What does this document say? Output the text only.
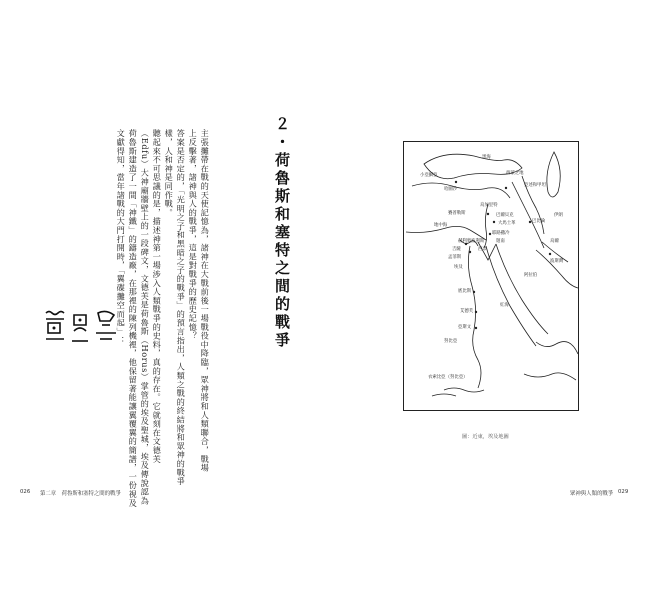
主張攤帶在戰的天使記憶為，諸神在大戰前後一場戰役中降臨，眾神將和人類聯合，戰場
上反擊著，諸神與人的戰爭，這是對戰爭的歷史記憶？
答案是否定的，「光明之子和黑暗之子的戰爭」的預言指出，人類之戰的終結將和眾神的戰爭
樣，人和神是同作戰。
聽起來不可思議的是，描述神第一場涉入人類戰爭的史料，真的存在。它就刻在文德芙
（Edfu）大神廟牆壁上的一段碑文，文德芙是荷魯斯（Horus）掌管的埃及聖城，埃及傳說認為
荷魯斯建造了一間「神鐵」的鑄造廠，在那裡的陳列機裡，他保留著能讓翼覆翼的簡譜，一份視及
文獻得知，當年諸戰的大門打開時，「翼碟攤空而起」：	２・荷魯斯和塞特之間的戰爭	黑海
小亞細亞
哈圖沙
西蒙之地
亞述和甲坦
賽普勒斯
烏加里特
巴爾貝克
大馬士革	巴比倫
地中海
耶路撒冷
迦南	烏爾
赫利奧波利斯
吉薩	西奈
孟菲斯
埃及
波斯灣
阿拉伯
底比斯
艾德芙
紅海
亞斯文
努比亞
伊朗
衣索比亞（努比亞）
圖：近東，埃及地圖
026 第二章　荷魯斯和塞特之間的戰爭	眾神與人類的戰爭 029
